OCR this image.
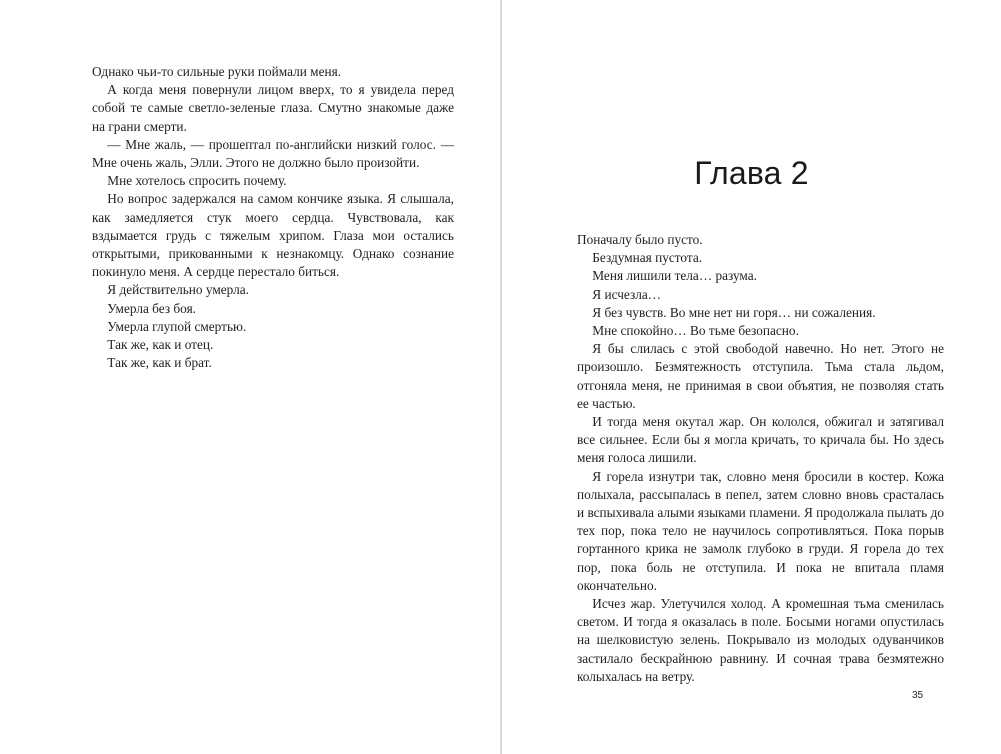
Однако чьи-то сильные руки поймали меня.

А когда меня повернули лицом вверх, то я увидела перед собой те самые светло-зеленые глаза. Смутно знакомые даже на грани смерти.

— Мне жаль, — прошептал по-английски низкий голос. — Мне очень жаль, Элли. Этого не должно было произойти.

Мне хотелось спросить почему.

Но вопрос задержался на самом кончике языка. Я слышала, как замедляется стук моего сердца. Чувствовала, как вздымается грудь с тяжелым хрипом. Глаза мои остались открытыми, прикованными к незнакомцу. Однако сознание покинуло меня. А сердце перестало биться.

Я действительно умерла.

Умерла без боя.

Умерла глупой смертью.

Так же, как и отец.

Так же, как и брат.

Глава 2

Поначалу было пусто.

Бездумная пустота.

Меня лишили тела… разума.

Я исчезла…

Я без чувств. Во мне нет ни горя… ни сожаления.

Мне спокойно… Во тьме безопасно.

Я бы слилась с этой свободой навечно. Но нет. Этого не произошло. Безмятежность отступила. Тьма стала льдом, отгоняла меня, не принимая в свои объятия, не позволяя стать ее частью.

И тогда меня окутал жар. Он кололся, обжигал и затягивал все сильнее. Если бы я могла кричать, то кричала бы. Но здесь меня голоса лишили.

Я горела изнутри так, словно меня бросили в костер. Кожа полыхала, рассыпалась в пепел, затем словно вновь срасталась и вспыхивала алыми языками пламени. Я продолжала пылать до тех пор, пока тело не научилось сопротивляться. Пока порыв гортанного крика не замолк глубоко в груди. Я горела до тех пор, пока боль не отступила. И пока не впитала пламя окончательно.

Исчез жар. Улетучился холод. А кромешная тьма сменилась светом. И тогда я оказалась в поле. Босыми ногами опустилась на шелковистую зелень. Покрывало из молодых одуванчиков застилало бескрайнюю равнину. И сочная трава безмятежно колыхалась на ветру.

35
